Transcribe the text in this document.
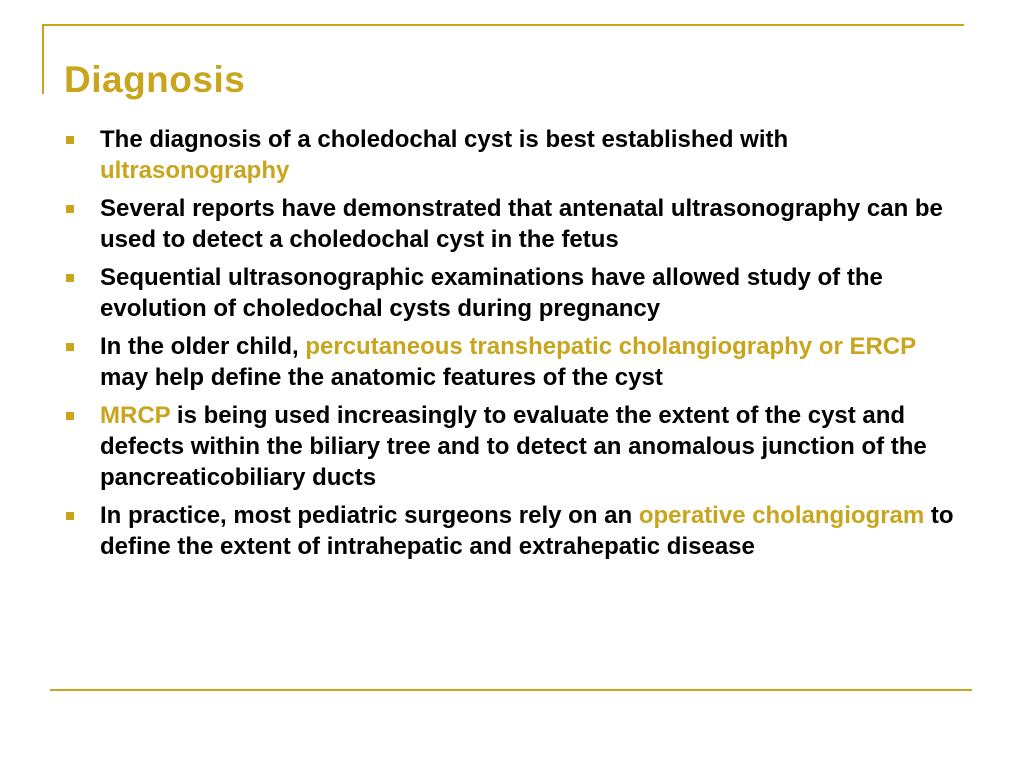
Diagnosis
The diagnosis of a choledochal cyst is best established with ultrasonography
Several reports have demonstrated that antenatal ultrasonography can be used to detect a choledochal cyst in the fetus
Sequential ultrasonographic examinations have allowed study of the evolution of choledochal cysts during pregnancy
In the older child, percutaneous transhepatic cholangiography or ERCP may help define the anatomic features of the cyst
MRCP is being used increasingly to evaluate the extent of the cyst and defects within the biliary tree and to detect an anomalous junction of the pancreaticobiliary ducts
In practice, most pediatric surgeons rely on an operative cholangiogram to define the extent of intrahepatic and extrahepatic disease
